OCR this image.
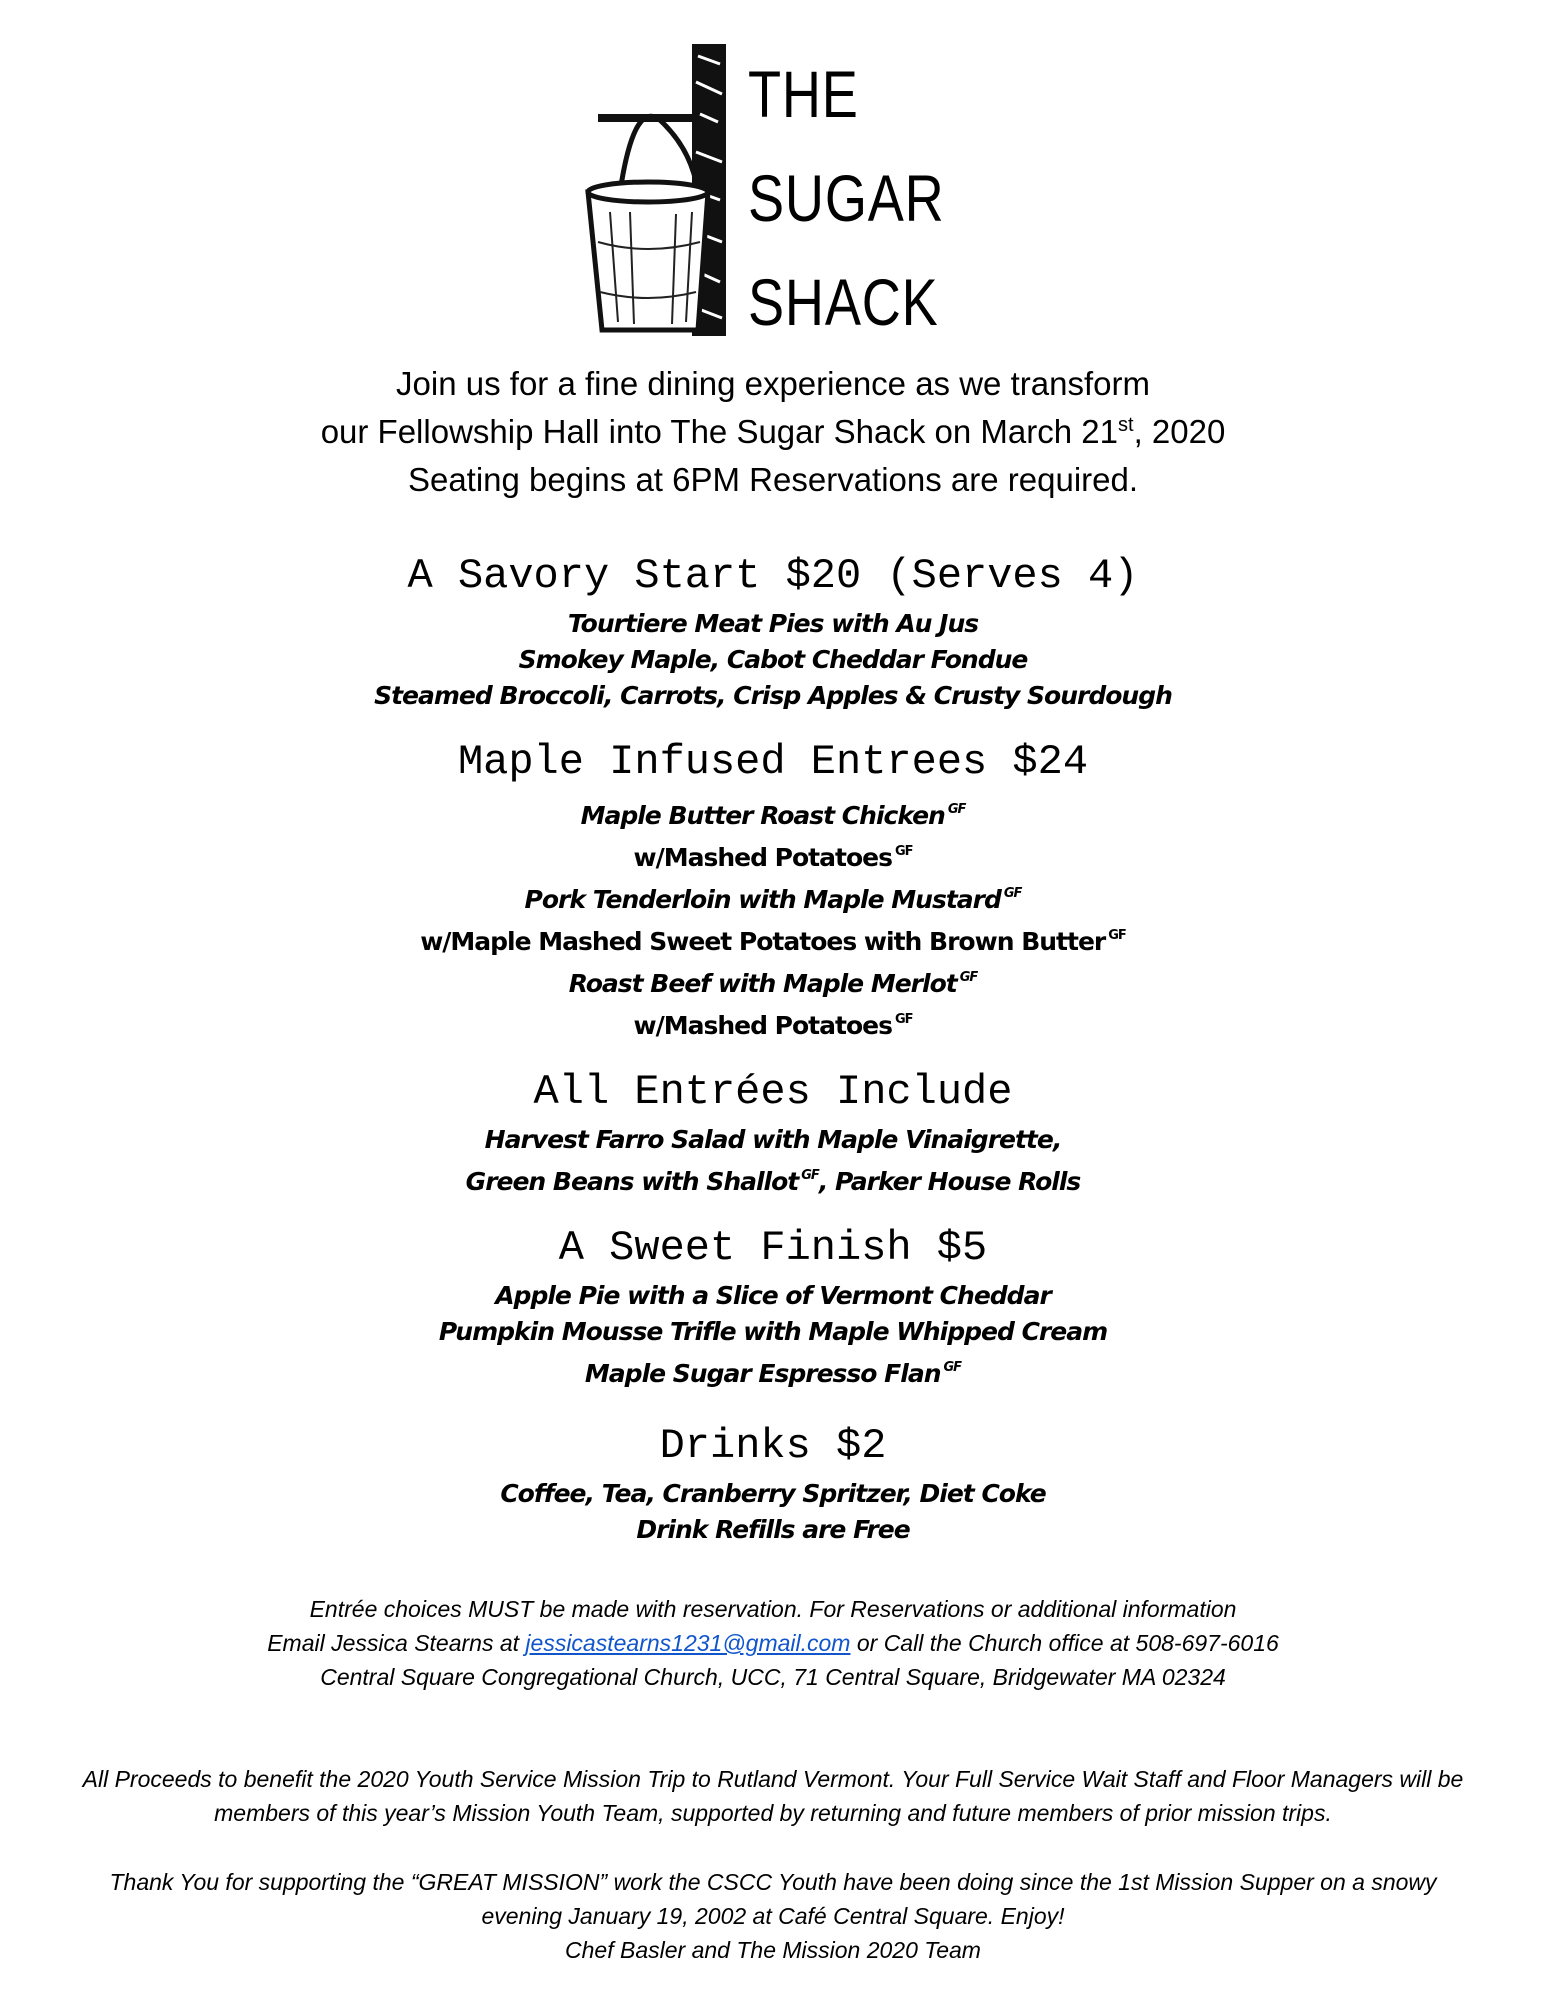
THE
SUGAR
SHACK
Join us for a fine dining experience as we transform
our Fellowship Hall into The Sugar Shack on March 21st, 2020
Seating begins at 6PM Reservations are required.
A Savory Start $20 (Serves 4)
Tourtiere Meat Pies with Au Jus
Smokey Maple, Cabot Cheddar Fondue
Steamed Broccoli, Carrots, Crisp Apples & Crusty Sourdough
Maple Infused Entrees $24
Maple Butter Roast Chicken $^{GF}$
w/Mashed Potatoes $^{GF}$
Pork Tenderloin with Maple Mustard $^{GF}$
w/Maple Mashed Sweet Potatoes with Brown Butter $^{GF}$
Roast Beef with Maple Merlot $^{GF}$
w/Mashed Potatoes $^{GF}$
All Entrées Include
Harvest Farro Salad with Maple Vinaigrette,
Green Beans with Shallot $^{GF}$, Parker House Rolls
A Sweet Finish $5
Apple Pie with a Slice of Vermont Cheddar
Pumpkin Mousse Trifle with Maple Whipped Cream
Maple Sugar Espresso Flan $^{GF}$
Drinks $2
Coffee, Tea, Cranberry Spritzer, Diet Coke
Drink Refills are Free
Entrée choices MUST be made with reservation. For Reservations or additional information
Email Jessica Stearns at jessicastearns1231@gmail.com or Call the Church office at 508-697-6016
Central Square Congregational Church, UCC, 71 Central Square, Bridgewater MA 02324
All Proceeds to benefit the 2020 Youth Service Mission Trip to Rutland Vermont. Your Full Service Wait Staff and Floor Managers will be
members of this year’s Mission Youth Team, supported by returning and future members of prior mission trips.
Thank You for supporting the “GREAT MISSION” work the CSCC Youth have been doing since the 1st Mission Supper on a snowy
evening January 19, 2002 at Café Central Square. Enjoy!
Chef Basler and The Mission 2020 Team
